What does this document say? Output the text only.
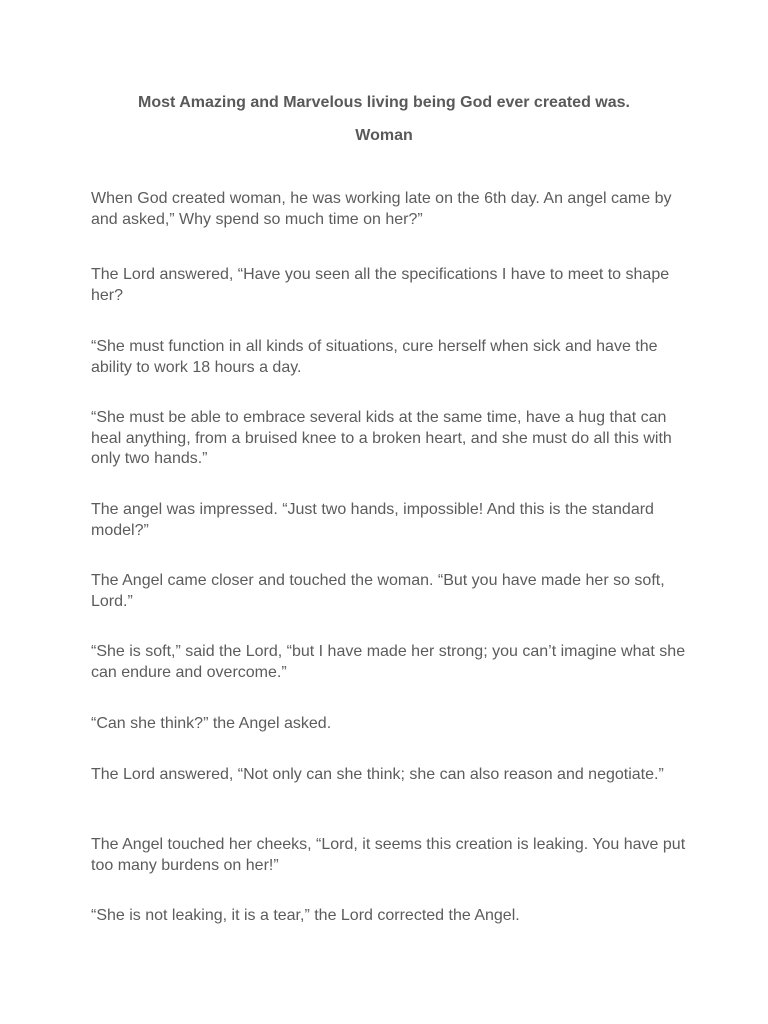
Most Amazing and Marvelous living being God ever created was.
Woman

When God created woman, he was working late on the 6th day. An angel came by and asked,” Why spend so much time on her?”

The Lord answered, “Have you seen all the specifications I have to meet to shape her?

“She must function in all kinds of situations, cure herself when sick and have the ability to work 18 hours a day.

“She must be able to embrace several kids at the same time, have a hug that can heal anything, from a bruised knee to a broken heart, and she must do all this with only two hands.”

The angel was impressed. “Just two hands, impossible! And this is the standard model?”

The Angel came closer and touched the woman. “But you have made her so soft, Lord.”

“She is soft,” said the Lord, “but I have made her strong; you can’t imagine what she can endure and overcome.”

“Can she think?” the Angel asked.

The Lord answered, “Not only can she think; she can also reason and negotiate.”

The Angel touched her cheeks, “Lord, it seems this creation is leaking. You have put too many burdens on her!”

“She is not leaking, it is a tear,” the Lord corrected the Angel.
